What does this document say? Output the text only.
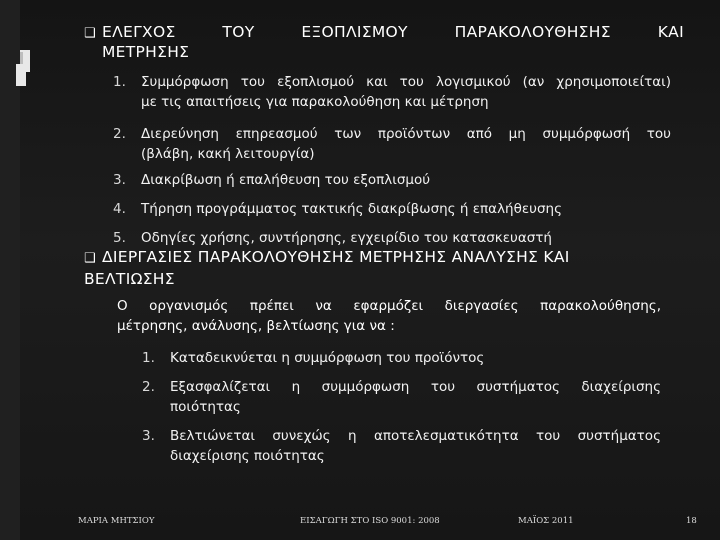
❑ ΕΛΕΓΧΟΣ	ΤΟΥ	ΕΞΟΠΛΙΣΜΟΥ	ΠΑΡΑΚΟΛΟΥΘΗΣΗΣ	ΚΑΙ
ΜΕΤΡΗΣΗΣ
1. Συμμόρφωση του εξοπλισμού και του λογισμικού (αν χρησιμοποιείται)
με τις απαιτήσεις για παρακολούθηση και μέτρηση
2. Διερεύνηση επηρεασμού των προϊόντων από μη συμμόρφωσή του
(βλάβη, κακή λειτουργία)
3. Διακρίβωση ή επαλήθευση του εξοπλισμού
4. Τήρηση προγράμματος τακτικής διακρίβωσης ή επαλήθευσης
5. Οδηγίες χρήσης, συντήρησης, εγχειρίδιο του κατασκευαστή
❑ ΔΙΕΡΓΑΣΙΕΣ ΠΑΡΑΚΟΛΟΥΘΗΣΗΣ ΜΕΤΡΗΣΗΣ ΑΝΑΛΥΣΗΣ ΚΑΙ
ΒΕΛΤΙΩΣΗΣ
Ο οργανισμός πρέπει να εφαρμόζει διεργασίες παρακολούθησης,
μέτρησης, ανάλυσης, βελτίωσης για να :
1. Καταδεικνύεται η συμμόρφωση του προϊόντος
2. Εξασφαλίζεται η συμμόρφωση του συστήματος διαχείρισης
ποιότητας
3. Βελτιώνεται συνεχώς η αποτελεσματικότητα του συστήματος
διαχείρισης ποιότητας
ΜΑΡΙΑ ΜΗΤΣΙΟΥ	ΕΙΣΑΓΩΓΗ ΣΤΟ ISO 9001: 2008	ΜΑΪΟΣ 2011	18
